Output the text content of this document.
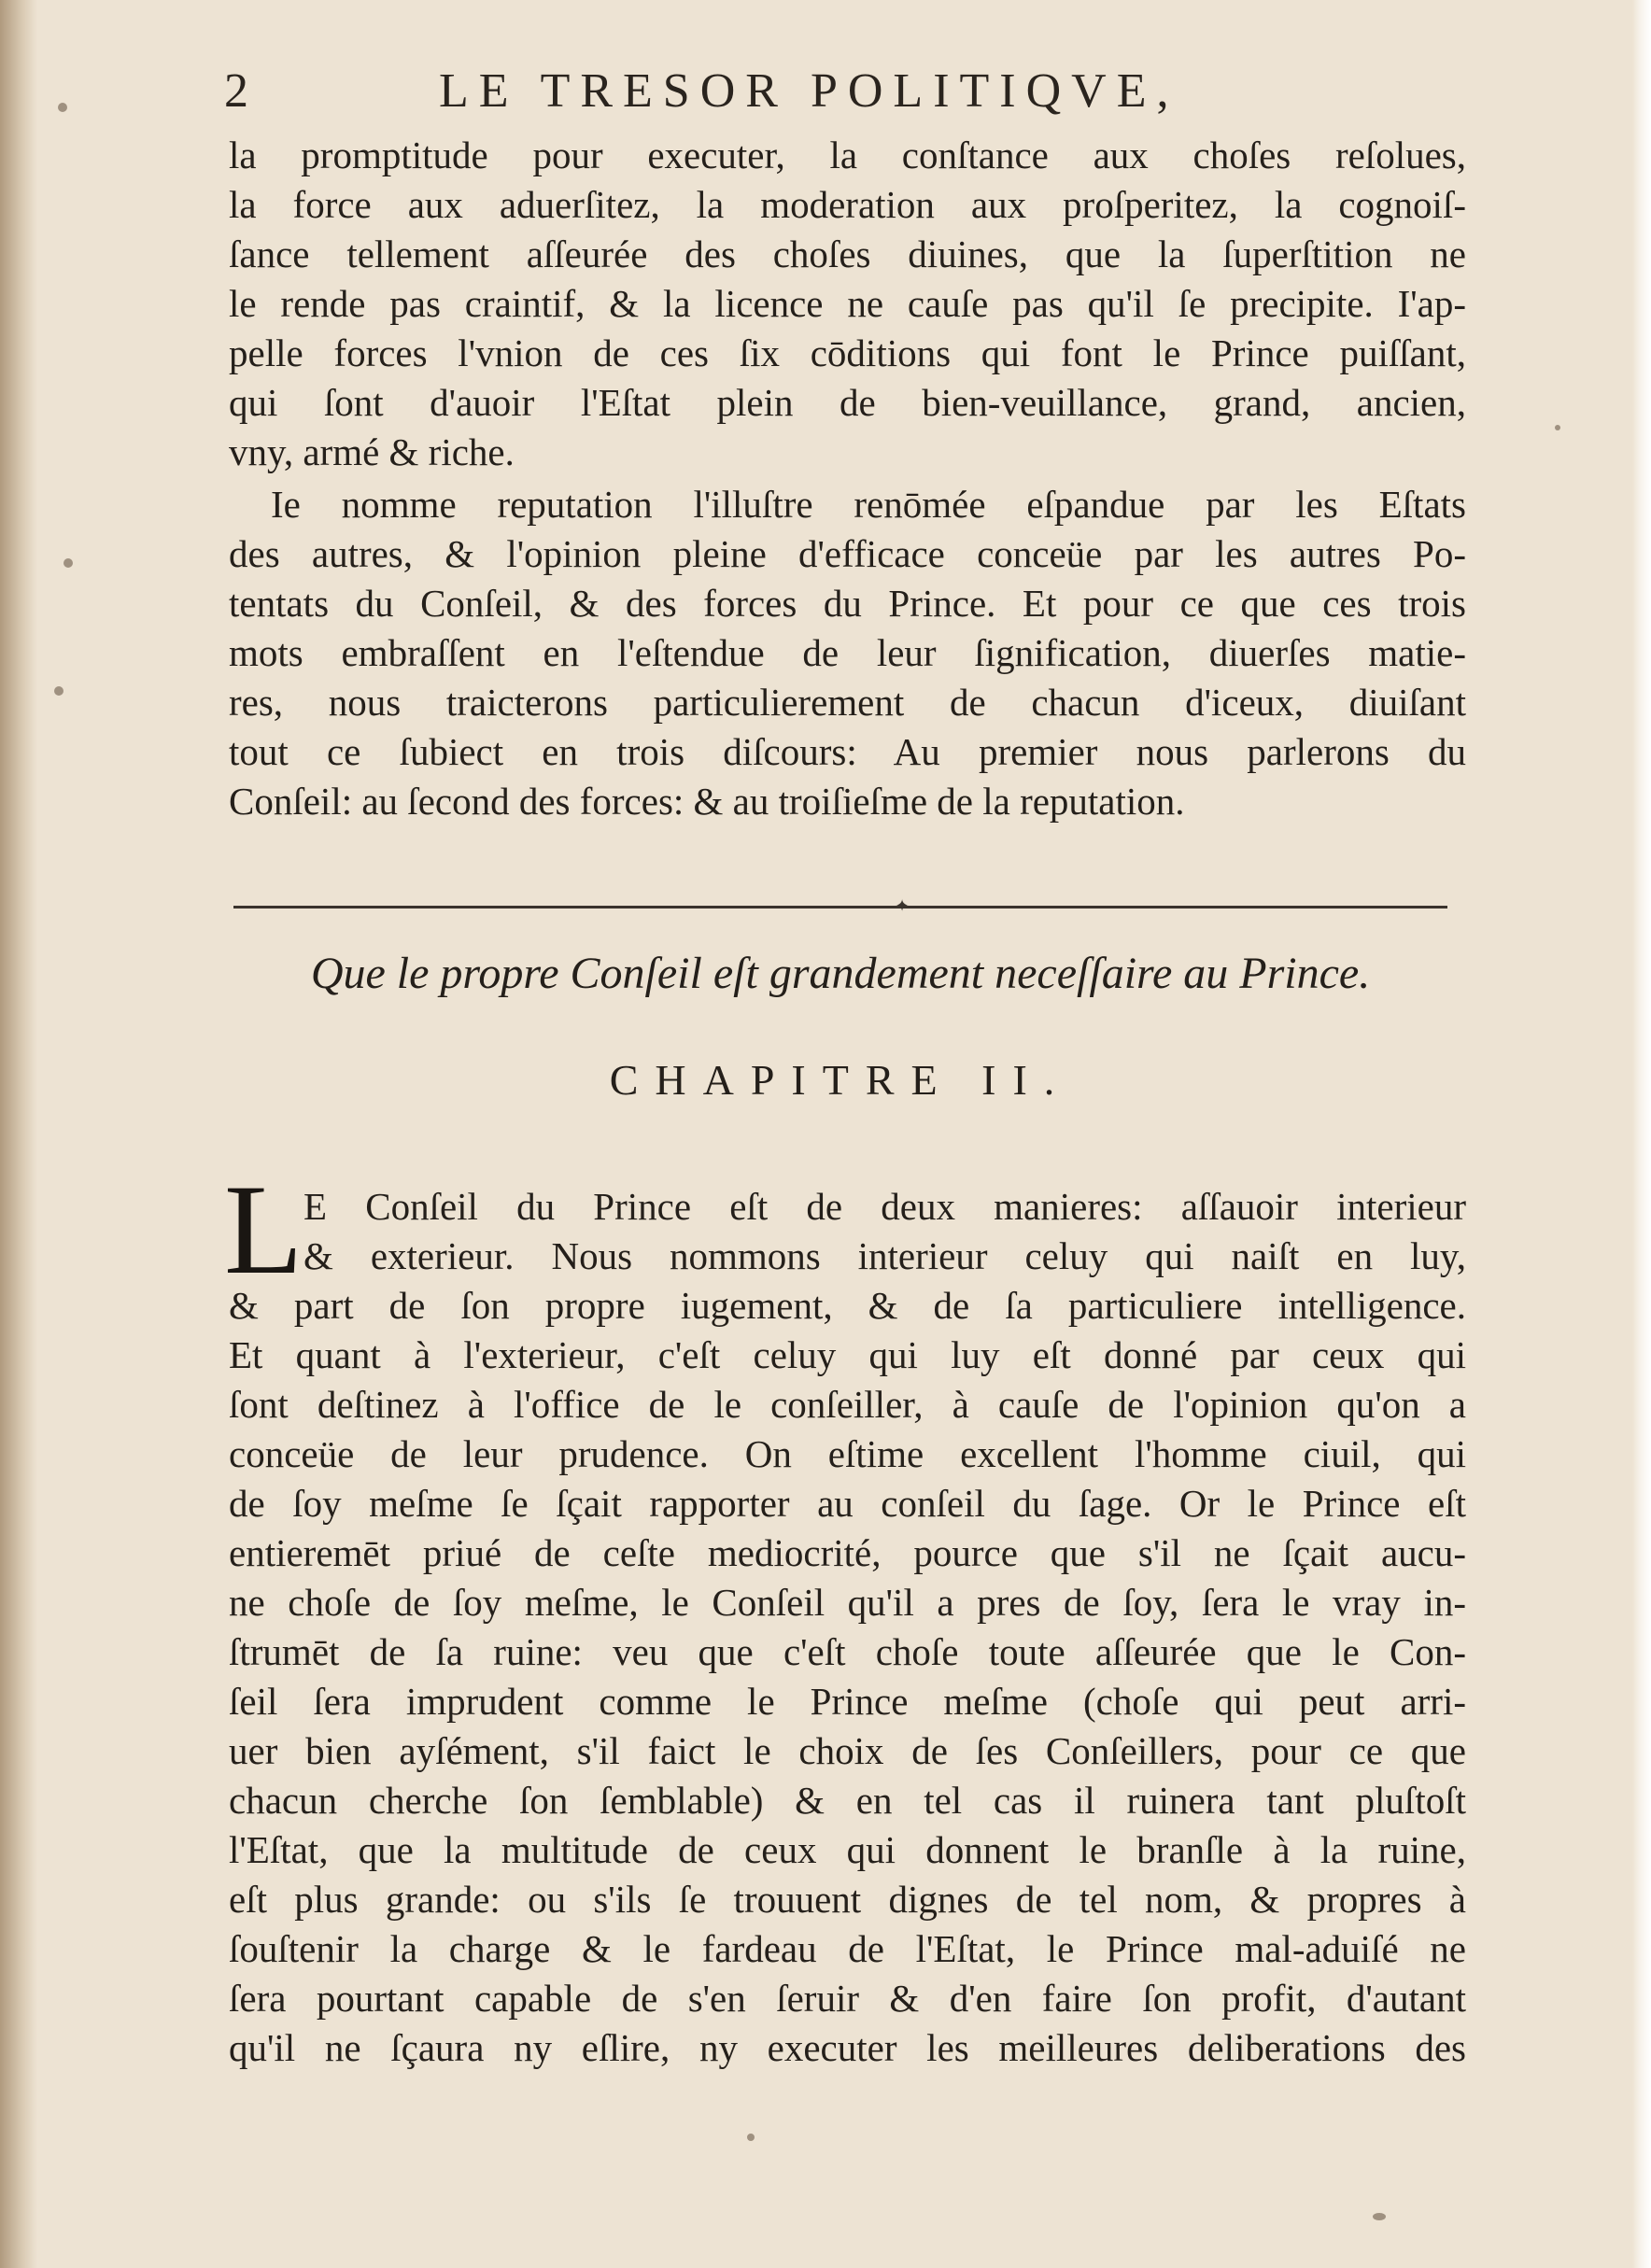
2	LE TRESOR POLITIQVE,
la promptitude pour executer, la conſtance aux choſes reſolues,
la force aux aduerſitez, la moderation aux proſperitez, la cognoiſ-
ſance tellement aſſeurée des choſes diuines, que la ſuperſtition ne
le rende pas craintif, & la licence ne cauſe pas qu'il ſe precipite. I'ap-
pelle forces l'vnion de ces ſix cōditions qui font le Prince puiſſant,
qui ſont d'auoir l'Eſtat plein de bien-veuillance, grand, ancien,
vny, armé & riche.
Ie nomme reputation l'illuſtre renōmée eſpandue par les Eſtats
des autres, & l'opinion pleine d'efficace conceüe par les autres Po-
tentats du Conſeil, & des forces du Prince. Et pour ce que ces trois
mots embraſſent en l'eſtendue de leur ſignification, diuerſes matie-
res, nous traicterons particulierement de chacun d'iceux, diuiſant
tout ce ſubiect en trois diſcours: Au premier nous parlerons du
Conſeil: au ſecond des forces: & au troiſieſme de la reputation.
✦
Que le propre Conſeil eſt grandement neceſſaire au Prince.
CHAPITRE II.
L E Conſeil du Prince eſt de deux manieres: aſſauoir interieur
& exterieur. Nous nommons interieur celuy qui naiſt en luy,
& part de ſon propre iugement, & de ſa particuliere intelligence.
Et quant à l'exterieur, c'eſt celuy qui luy eſt donné par ceux qui
ſont deſtinez à l'office de le conſeiller, à cauſe de l'opinion qu'on a
conceüe de leur prudence. On eſtime excellent l'homme ciuil, qui
de ſoy meſme ſe ſçait rapporter au conſeil du ſage. Or le Prince eſt
entieremēt priué de ceſte mediocrité, pource que s'il ne ſçait aucu-
ne choſe de ſoy meſme, le Conſeil qu'il a pres de ſoy, ſera le vray in-
ſtrumēt de ſa ruine: veu que c'eſt choſe toute aſſeurée que le Con-
ſeil ſera imprudent comme le Prince meſme (choſe qui peut arri-
uer bien ayſément, s'il faict le choix de ſes Conſeillers, pour ce que
chacun cherche ſon ſemblable) & en tel cas il ruinera tant pluſtoſt
l'Eſtat, que la multitude de ceux qui donnent le branſle à la ruine,
eſt plus grande: ou s'ils ſe trouuent dignes de tel nom, & propres à
ſouſtenir la charge & le fardeau de l'Eſtat, le Prince mal-aduiſé ne
ſera pourtant capable de s'en ſeruir & d'en faire ſon profit, d'autant
qu'il ne ſçaura ny eſlire, ny executer les meilleures deliberations des
